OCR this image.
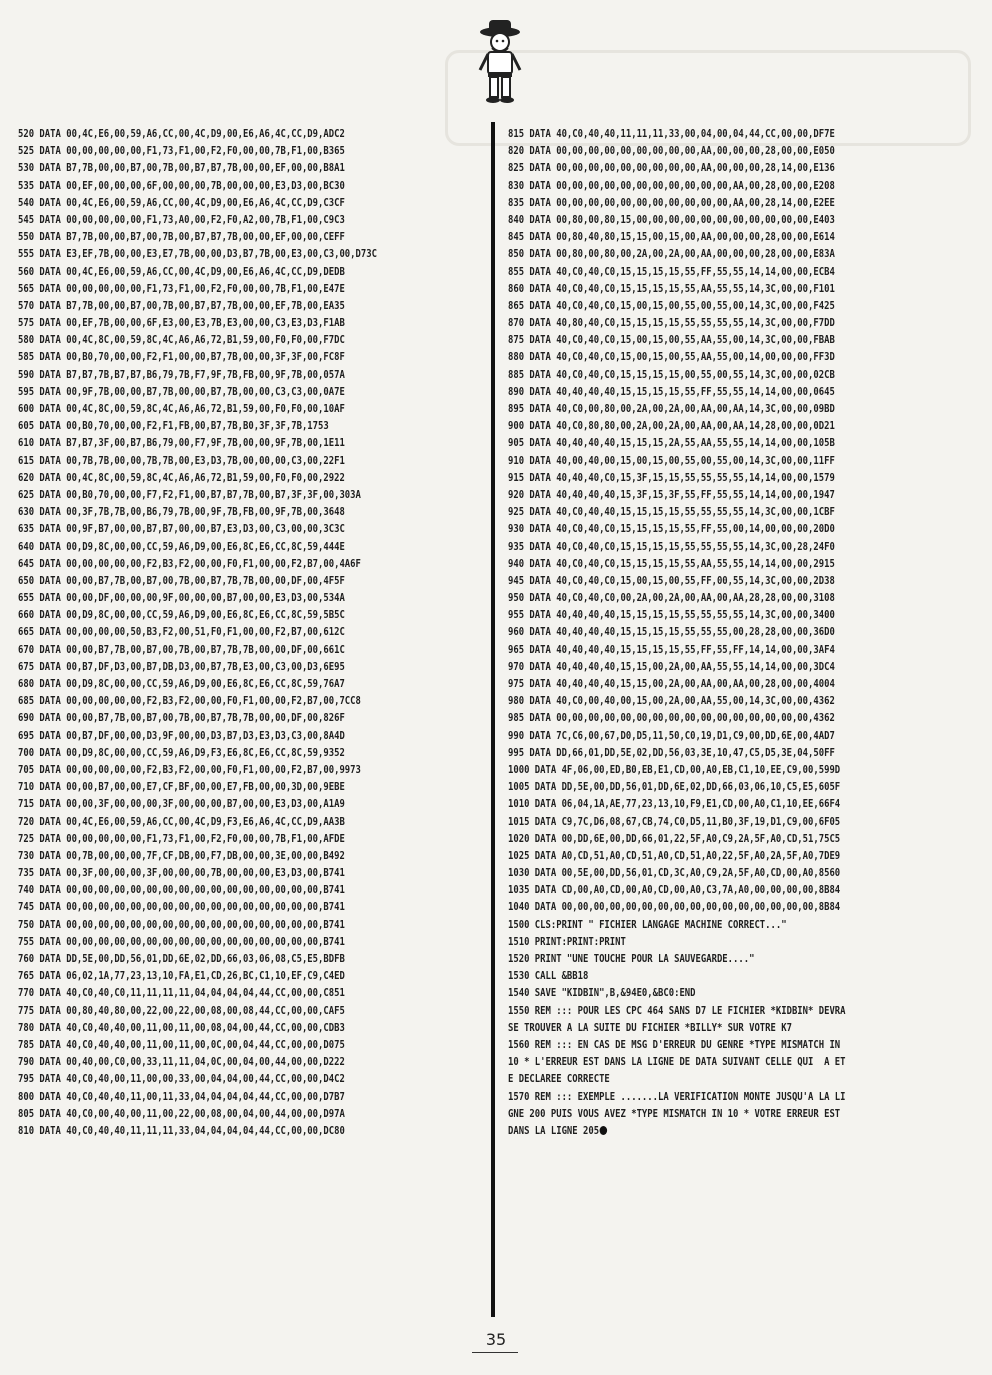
520 DATA 00,4C,E6,00,59,A6,CC,00,4C,D9,00,E6,A6,4C,CC,D9,ADC2
525 DATA 00,00,00,00,00,F1,73,F1,00,F2,F0,00,00,7B,F1,00,B365
530 DATA B7,7B,00,00,B7,00,7B,00,B7,B7,7B,00,00,EF,00,00,B8A1
535 DATA 00,EF,00,00,00,6F,00,00,00,7B,00,00,00,E3,D3,00,BC30
540 DATA 00,4C,E6,00,59,A6,CC,00,4C,D9,00,E6,A6,4C,CC,D9,C3CF
545 DATA 00,00,00,00,00,F1,73,A0,00,F2,F0,A2,00,7B,F1,00,C9C3
550 DATA B7,7B,00,00,B7,00,7B,00,B7,B7,7B,00,00,EF,00,00,CEFF
555 DATA E3,EF,7B,00,00,E3,E7,7B,00,00,D3,B7,7B,00,E3,00,C3,00,D73C
560 DATA 00,4C,E6,00,59,A6,CC,00,4C,D9,00,E6,A6,4C,CC,D9,DEDB
565 DATA 00,00,00,00,00,F1,73,F1,00,F2,F0,00,00,7B,F1,00,E47E
570 DATA B7,7B,00,00,B7,00,7B,00,B7,B7,7B,00,00,EF,7B,00,EA35
575 DATA 00,EF,7B,00,00,6F,E3,00,E3,7B,E3,00,00,C3,E3,D3,F1AB
580 DATA 00,4C,8C,00,59,8C,4C,A6,A6,72,B1,59,00,F0,F0,00,F7DC
585 DATA 00,B0,70,00,00,F2,F1,00,00,B7,7B,00,00,3F,3F,00,FC8F
590 DATA B7,B7,7B,B7,B7,B6,79,7B,F7,9F,7B,FB,00,9F,7B,00,057A
595 DATA 00,9F,7B,00,00,B7,7B,00,00,B7,7B,00,00,C3,C3,00,0A7E
600 DATA 00,4C,8C,00,59,8C,4C,A6,A6,72,B1,59,00,F0,F0,00,10AF
605 DATA 00,B0,70,00,00,F2,F1,FB,00,B7,7B,B0,3F,3F,7B,1753
610 DATA B7,B7,3F,00,B7,B6,79,00,F7,9F,7B,00,00,9F,7B,00,1E11
615 DATA 00,7B,7B,00,00,7B,7B,00,E3,D3,7B,00,00,00,C3,00,22F1
620 DATA 00,4C,8C,00,59,8C,4C,A6,A6,72,B1,59,00,F0,F0,00,2922
625 DATA 00,B0,70,00,00,F7,F2,F1,00,B7,B7,7B,00,B7,3F,3F,00,303A
630 DATA 00,3F,7B,7B,00,B6,79,7B,00,9F,7B,FB,00,9F,7B,00,3648
635 DATA 00,9F,B7,00,00,B7,B7,00,00,B7,E3,D3,00,C3,00,00,3C3C
640 DATA 00,D9,8C,00,00,CC,59,A6,D9,00,E6,8C,E6,CC,8C,59,444E
645 DATA 00,00,00,00,00,F2,B3,F2,00,00,F0,F1,00,00,F2,B7,00,4A6F
650 DATA 00,00,B7,7B,00,B7,00,7B,00,B7,7B,7B,00,00,DF,00,4F5F
655 DATA 00,00,DF,00,00,00,9F,00,00,00,B7,00,00,E3,D3,00,534A
660 DATA 00,D9,8C,00,00,CC,59,A6,D9,00,E6,8C,E6,CC,8C,59,5B5C
665 DATA 00,00,00,00,50,B3,F2,00,51,F0,F1,00,00,F2,B7,00,612C
670 DATA 00,00,B7,7B,00,B7,00,7B,00,B7,7B,7B,00,00,DF,00,661C
675 DATA 00,B7,DF,D3,00,B7,DB,D3,00,B7,7B,E3,00,C3,00,D3,6E95
680 DATA 00,D9,8C,00,00,CC,59,A6,D9,00,E6,8C,E6,CC,8C,59,76A7
685 DATA 00,00,00,00,00,F2,B3,F2,00,00,F0,F1,00,00,F2,B7,00,7CC8
690 DATA 00,00,B7,7B,00,B7,00,7B,00,B7,7B,7B,00,00,DF,00,826F
695 DATA 00,B7,DF,00,00,D3,9F,00,00,D3,B7,D3,E3,D3,C3,00,8A4D
700 DATA 00,D9,8C,00,00,CC,59,A6,D9,F3,E6,8C,E6,CC,8C,59,9352
705 DATA 00,00,00,00,00,F2,B3,F2,00,00,F0,F1,00,00,F2,B7,00,9973
710 DATA 00,00,B7,00,00,E7,CF,BF,00,00,E7,FB,00,00,3D,00,9EBE
715 DATA 00,00,3F,00,00,00,3F,00,00,00,B7,00,00,E3,D3,00,A1A9
720 DATA 00,4C,E6,00,59,A6,CC,00,4C,D9,F3,E6,A6,4C,CC,D9,AA3B
725 DATA 00,00,00,00,00,F1,73,F1,00,F2,F0,00,00,7B,F1,00,AFDE
730 DATA 00,7B,00,00,00,7F,CF,DB,00,F7,DB,00,00,3E,00,00,B492
735 DATA 00,3F,00,00,00,3F,00,00,00,7B,00,00,00,E3,D3,00,B741
740 DATA 00,00,00,00,00,00,00,00,00,00,00,00,00,00,00,00,B741
745 DATA 00,00,00,00,00,00,00,00,00,00,00,00,00,00,00,00,B741
750 DATA 00,00,00,00,00,00,00,00,00,00,00,00,00,00,00,00,B741
755 DATA 00,00,00,00,00,00,00,00,00,00,00,00,00,00,00,00,B741
760 DATA DD,5E,00,DD,56,01,DD,6E,02,DD,66,03,06,08,C5,E5,BDFB
765 DATA 06,02,1A,77,23,13,10,FA,E1,CD,26,BC,C1,10,EF,C9,C4ED
770 DATA 40,C0,40,C0,11,11,11,11,04,04,04,04,44,CC,00,00,C851
775 DATA 00,80,40,80,00,22,00,22,00,08,00,08,44,CC,00,00,CAF5
780 DATA 40,C0,40,40,00,11,00,11,00,08,04,00,44,CC,00,00,CDB3
785 DATA 40,C0,40,40,00,11,00,11,00,0C,00,04,44,CC,00,00,D075
790 DATA 00,40,00,C0,00,33,11,11,04,0C,00,04,00,44,00,00,D222
795 DATA 40,C0,40,00,11,00,00,33,00,04,04,00,44,CC,00,00,D4C2
800 DATA 40,C0,40,40,11,00,11,33,04,04,04,04,44,CC,00,00,D7B7
805 DATA 40,C0,00,40,00,11,00,22,00,08,00,04,00,44,00,00,D97A
810 DATA 40,C0,40,40,11,11,11,33,04,04,04,04,44,CC,00,00,DC80
815 DATA 40,C0,40,40,11,11,11,33,00,04,00,04,44,CC,00,00,DF7E
820 DATA 00,00,00,00,00,00,00,00,00,AA,00,00,00,28,00,00,E050
825 DATA 00,00,00,00,00,00,00,00,00,AA,00,00,00,28,14,00,E136
830 DATA 00,00,00,00,00,00,00,00,00,00,00,AA,00,28,00,00,E208
835 DATA 00,00,00,00,00,00,00,00,00,00,00,AA,00,28,14,00,E2EE
840 DATA 00,80,00,80,15,00,00,00,00,00,00,00,00,00,00,00,E403
845 DATA 00,80,40,80,15,15,00,15,00,AA,00,00,00,28,00,00,E614
850 DATA 00,80,00,80,00,2A,00,2A,00,AA,00,00,00,28,00,00,E83A
855 DATA 40,C0,40,C0,15,15,15,15,55,FF,55,55,14,14,00,00,ECB4
860 DATA 40,C0,40,C0,15,15,15,15,55,AA,55,55,14,3C,00,00,F101
865 DATA 40,C0,40,C0,15,00,15,00,55,00,55,00,14,3C,00,00,F425
870 DATA 40,80,40,C0,15,15,15,15,55,55,55,55,14,3C,00,00,F7DD
875 DATA 40,C0,40,C0,15,00,15,00,55,AA,55,00,14,3C,00,00,FBAB
880 DATA 40,C0,40,C0,15,00,15,00,55,AA,55,00,14,00,00,00,FF3D
885 DATA 40,C0,40,C0,15,15,15,15,00,55,00,55,14,3C,00,00,02CB
890 DATA 40,40,40,40,15,15,15,15,55,FF,55,55,14,14,00,00,0645
895 DATA 40,C0,00,80,00,2A,00,2A,00,AA,00,AA,14,3C,00,00,09BD
900 DATA 40,C0,80,80,00,2A,00,2A,00,AA,00,AA,14,28,00,00,0D21
905 DATA 40,40,40,40,15,15,15,2A,55,AA,55,55,14,14,00,00,105B
910 DATA 40,00,40,00,15,00,15,00,55,00,55,00,14,3C,00,00,11FF
915 DATA 40,40,40,C0,15,3F,15,15,55,55,55,55,14,14,00,00,1579
920 DATA 40,40,40,40,15,3F,15,3F,55,FF,55,55,14,14,00,00,1947
925 DATA 40,C0,40,40,15,15,15,15,55,55,55,55,14,3C,00,00,1CBF
930 DATA 40,C0,40,C0,15,15,15,15,55,FF,55,00,14,00,00,00,20D0
935 DATA 40,C0,40,C0,15,15,15,15,55,55,55,55,14,3C,00,28,24F0
940 DATA 40,C0,40,C0,15,15,15,15,55,AA,55,55,14,14,00,00,2915
945 DATA 40,C0,40,C0,15,00,15,00,55,FF,00,55,14,3C,00,00,2D38
950 DATA 40,C0,40,C0,00,2A,00,2A,00,AA,00,AA,28,28,00,00,3108
955 DATA 40,40,40,40,15,15,15,15,55,55,55,55,14,3C,00,00,3400
960 DATA 40,40,40,40,15,15,15,15,55,55,55,00,28,28,00,00,36D0
965 DATA 40,40,40,40,15,15,15,15,55,FF,55,FF,14,14,00,00,3AF4
970 DATA 40,40,40,40,15,15,00,2A,00,AA,55,55,14,14,00,00,3DC4
975 DATA 40,40,40,40,15,15,00,2A,00,AA,00,AA,00,28,00,00,4004
980 DATA 40,C0,00,40,00,15,00,2A,00,AA,55,00,14,3C,00,00,4362
985 DATA 00,00,00,00,00,00,00,00,00,00,00,00,00,00,00,00,4362
990 DATA 7C,C6,00,67,D0,D5,11,50,C0,19,D1,C9,00,DD,6E,00,4AD7
995 DATA DD,66,01,DD,5E,02,DD,56,03,3E,10,47,C5,D5,3E,04,50FF
1000 DATA 4F,06,00,ED,B0,EB,E1,CD,00,A0,EB,C1,10,EE,C9,00,599D
1005 DATA DD,5E,00,DD,56,01,DD,6E,02,DD,66,03,06,10,C5,E5,605F
1010 DATA 06,04,1A,AE,77,23,13,10,F9,E1,CD,00,A0,C1,10,EE,66F4
1015 DATA C9,7C,D6,08,67,CB,74,C0,D5,11,B0,3F,19,D1,C9,00,6F05
1020 DATA 00,DD,6E,00,DD,66,01,22,5F,A0,C9,2A,5F,A0,CD,51,75C5
1025 DATA A0,CD,51,A0,CD,51,A0,CD,51,A0,22,5F,A0,2A,5F,A0,7DE9
1030 DATA 00,5E,00,DD,56,01,CD,3C,A0,C9,2A,5F,A0,CD,00,A0,8560
1035 DATA CD,00,A0,CD,00,A0,CD,00,A0,C3,7A,A0,00,00,00,00,8B84
1040 DATA 00,00,00,00,00,00,00,00,00,00,00,00,00,00,00,00,8B84
1500 CLS:PRINT " FICHIER LANGAGE MACHINE CORRECT..."
1510 PRINT:PRINT:PRINT
1520 PRINT "UNE TOUCHE POUR LA SAUVEGARDE...."
1530 CALL &BB18
1540 SAVE "KIDBIN",B,&94E0,&BC0:END
1550 REM ::: POUR LES CPC 464 SANS D7 LE FICHIER *KIDBIN* DEVRA
SE TROUVER A LA SUITE DU FICHIER *BILLY* SUR VOTRE K7
1560 REM ::: EN CAS DE MSG D'ERREUR DU GENRE *TYPE MISMATCH IN
10 * L'ERREUR EST DANS LA LIGNE DE DATA SUIVANT CELLE QUI  A ET
E DECLAREE CORRECTE
1570 REM ::: EXEMPLE .......LA VERIFICATION MONTE JUSQU'A LA LI
GNE 200 PUIS VOUS AVEZ *TYPE MISMATCH IN 10 * VOTRE ERREUR EST
DANS LA LIGNE 205
35
